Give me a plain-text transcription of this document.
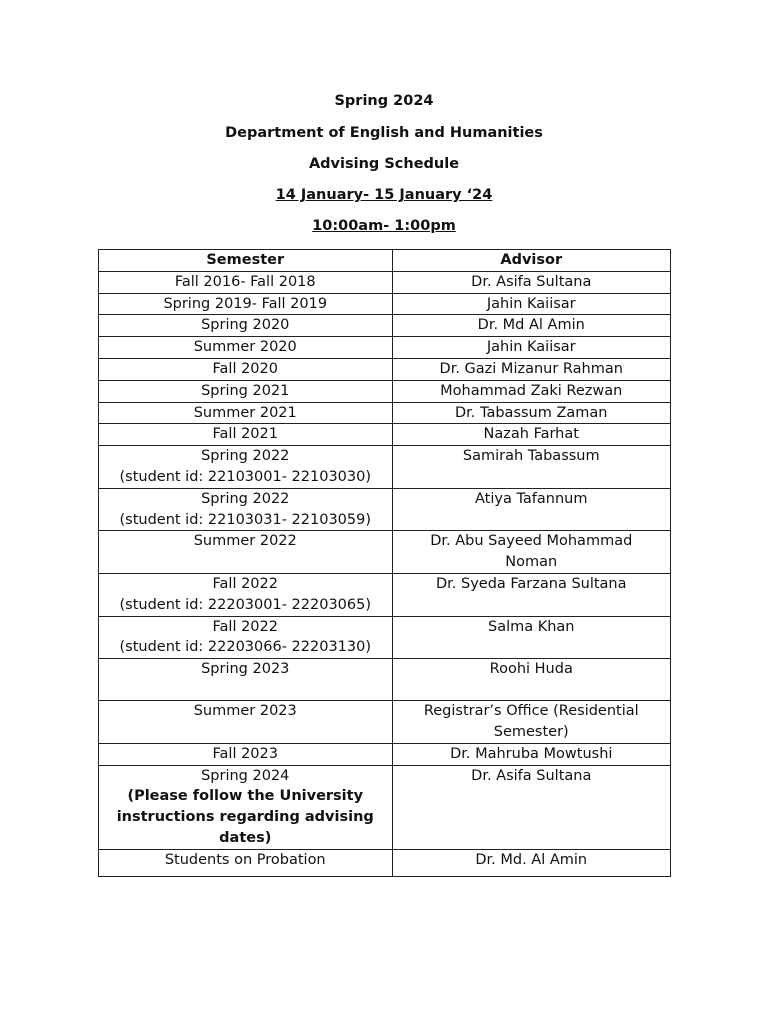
Spring 2024
Department of English and Humanities
Advising Schedule
14 January- 15 January ‘24
10:00am- 1:00pm
Semester	Advisor
Fall 2016- Fall 2018	Dr. Asifa Sultana
Spring 2019- Fall 2019	Jahin Kaiisar
Spring 2020	Dr. Md Al Amin
Summer 2020	Jahin Kaiisar
Fall 2020	Dr. Gazi Mizanur Rahman
Spring 2021	Mohammad Zaki Rezwan
Summer 2021	Dr. Tabassum Zaman
Fall 2021	Nazah Farhat

Spring 2022
(student id: 22103001- 22103030)	Samirah Tabassum

Spring 2022
(student id: 22103031- 22103059)	Atiya Tafannum
Summer 2022	Dr. Abu Sayeed Mohammad
Noman

Fall 2022
(student id: 22203001- 22203065)	Dr. Syeda Farzana Sultana

Fall 2022
(student id: 22203066- 22203130)	Salma Khan
Spring 2023	Roohi Huda
Summer 2023	Registrar’s Office (Residential
Semester)

Fall 2023	Dr. Mahruba Mowtushi

Spring 2024
(Please follow the University
instructions regarding advising
dates)	Dr. Asifa Sultana
Students on Probation	Dr. Md. Al Amin
